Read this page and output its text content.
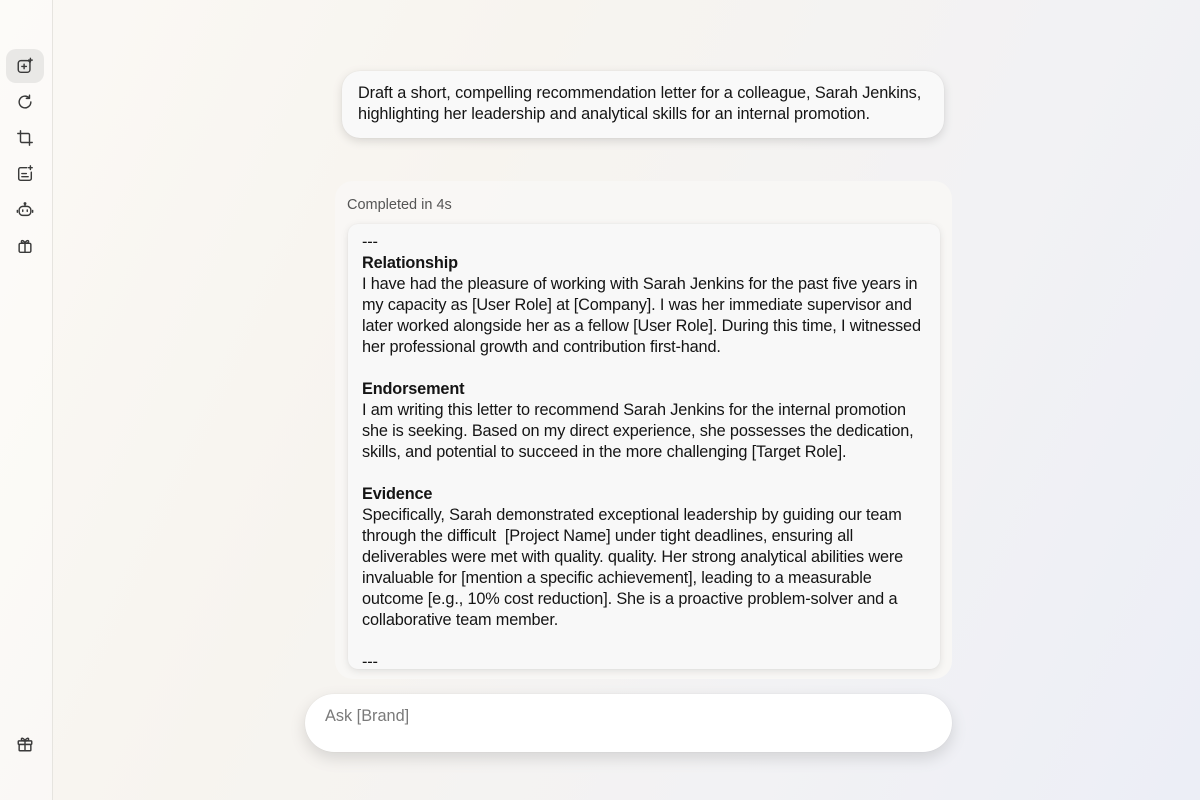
Draft a short, compelling recommendation letter for a colleague, Sarah Jenkins, highlighting her leadership and analytical skills for an internal promotion.
Completed in 4s

---

Relationship

I have had the pleasure of working with Sarah Jenkins for the past five years in my capacity as [User Role] at [Company]. I was her immediate supervisor and later worked alongside her as a fellow [User Role]. During this time, I witnessed her professional growth and contribution first-hand.

Endorsement

I am writing this letter to recommend Sarah Jenkins for the internal promotion she is seeking. Based on my direct experience, she possesses the dedication, skills, and potential to succeed in the more challenging [Target Role].

Evidence

Specifically, Sarah demonstrated exceptional leadership by guiding our team through the difficult  [Project Name] under tight deadlines, ensuring all deliverables were met with quality. quality. Her strong analytical abilities were invaluable for [mention a specific achievement], leading to a measurable outcome [e.g., 10% cost reduction]. She is a proactive problem-solver and a collaborative team member.

---

Ask [Brand]
